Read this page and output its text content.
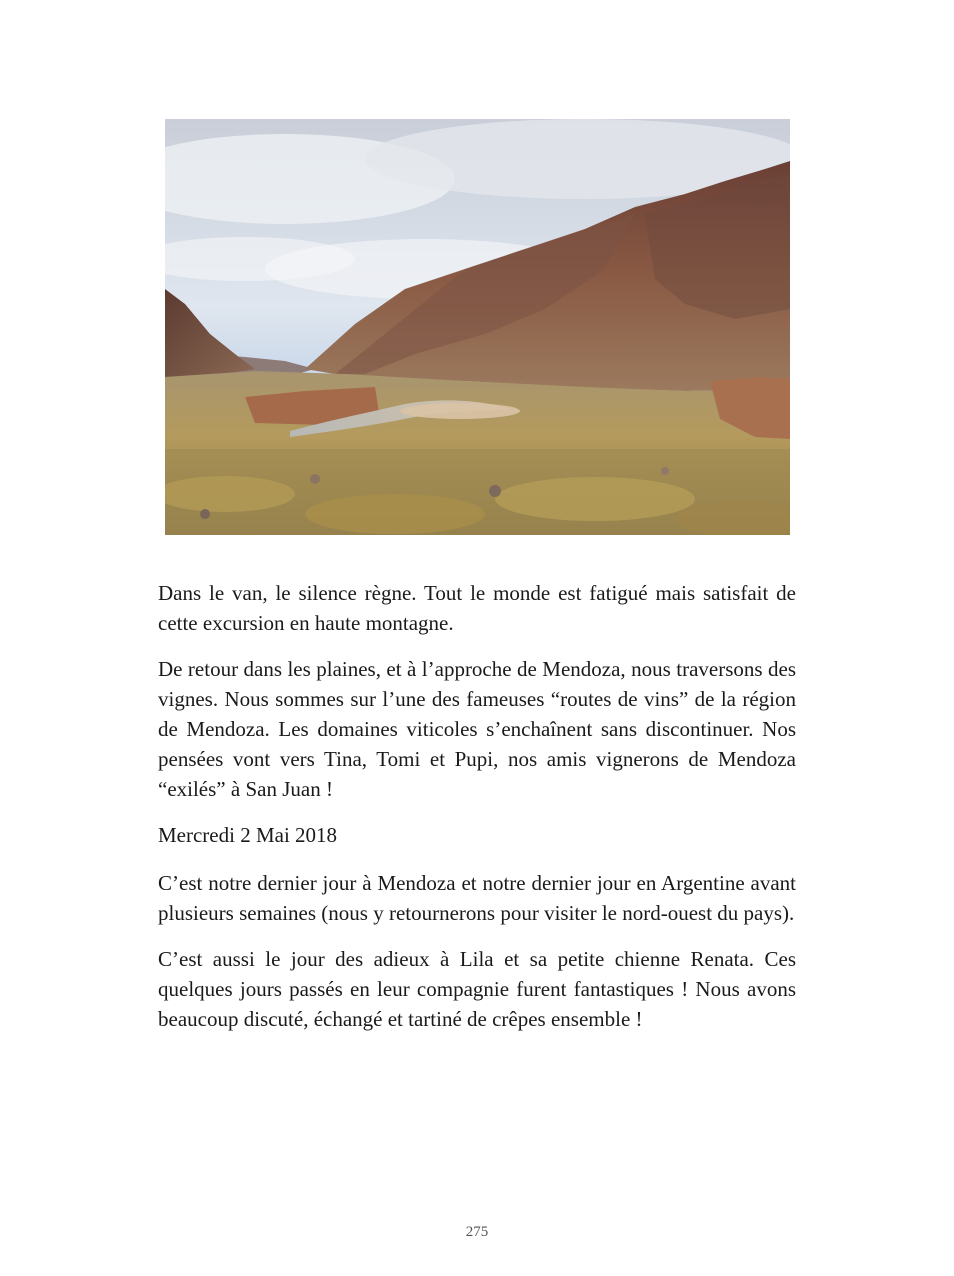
Dans le van, le silence règne. Tout le monde est fatigué mais satisfait de cette excursion en haute montagne.

De retour dans les plaines, et à l’approche de Mendoza, nous traversons des vignes. Nous sommes sur l’une des fameuses “routes de vins” de la région de Mendoza. Les domaines viticoles s’enchaînent sans discontinuer. Nos pensées vont vers Tina, Tomi et Pupi, nos amis vignerons de Mendoza “exilés” à San Juan !

Mercredi 2 Mai 2018

C’est notre dernier jour à Mendoza et notre dernier jour en Argentine avant plusieurs semaines (nous y retournerons pour visiter le nord-ouest du pays).

C’est aussi le jour des adieux à Lila et sa petite chienne Renata. Ces quelques jours passés en leur compagnie furent fantastiques ! Nous avons beaucoup discuté, échangé et tartiné de crêpes ensemble !

275
